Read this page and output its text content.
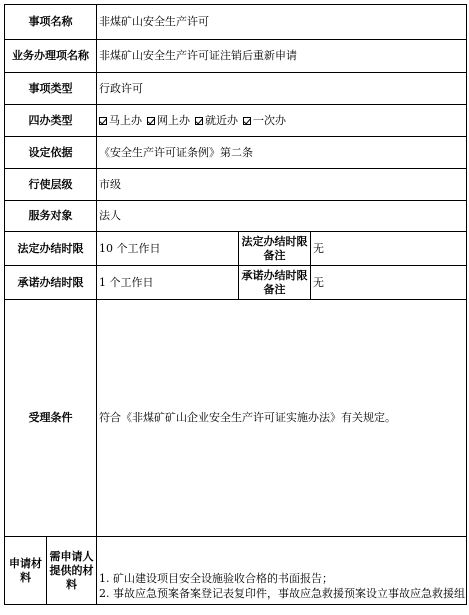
事项名称		非煤矿山安全生产许可		
业务办理项名称		非煤矿山安全生产许可证注销后重新申请		
事项类型		行政许可		
四办类型		马上办 网上办 就近办 一次办		
设定依据		《安全生产许可证条例》第二条		
行使层级		市级		
服务对象		法人		
法定办结时限		10 个工作日	法定办结时限备注	无
承诺办结时限		1 个工作日	承诺办结时限备注	无
受理条件		符合《非煤矿矿山企业安全生产许可证实施办法》有关规定。		
申请材料	需申请人提供的材料	1. 矿山建设项目安全设施验收合格的书面报告；
2. 事故应急预案备案登记表复印件，事故应急救援预案设立事故应急救援组		
